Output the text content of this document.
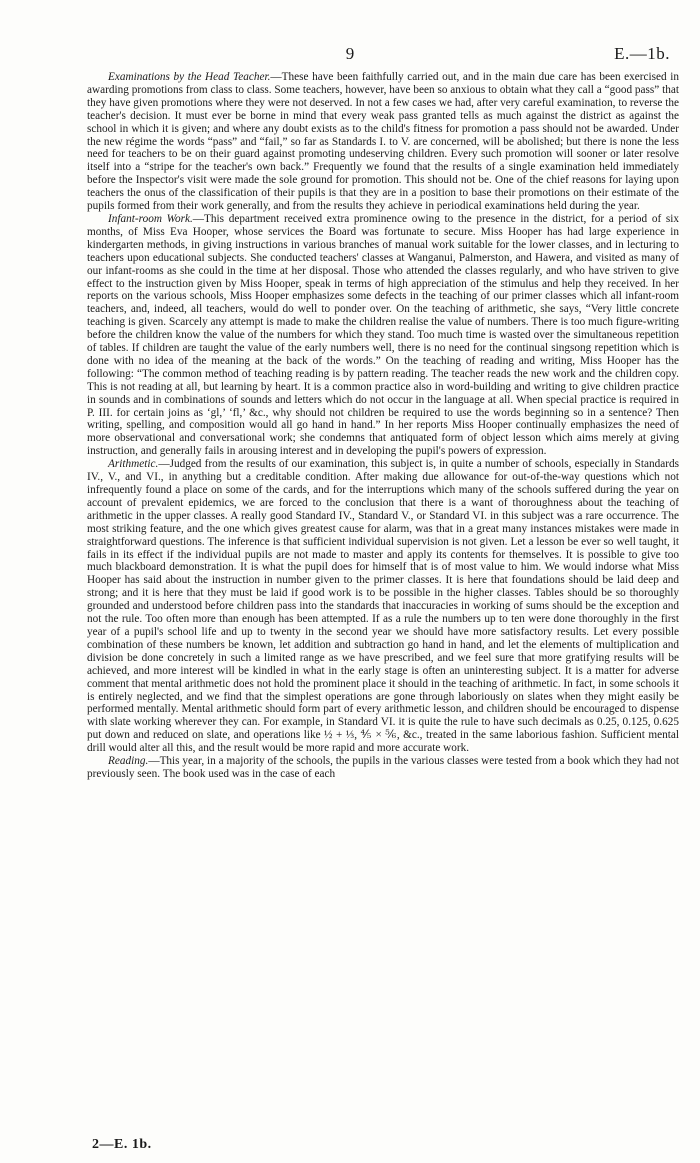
9	E.—1b.

Examinations by the Head Teacher.—These have been faithfully carried out, and in the main due care has been exercised in awarding promotions from class to class. Some teachers, however, have been so anxious to obtain what they call a “good pass” that they have given promotions where they were not deserved. In not a few cases we had, after very careful examination, to reverse the teacher's decision. It must ever be borne in mind that every weak pass granted tells as much against the district as against the school in which it is given; and where any doubt exists as to the child's fitness for promotion a pass should not be awarded. Under the new régime the words “pass” and “fail,” so far as Standards I. to V. are concerned, will be abolished; but there is none the less need for teachers to be on their guard against promoting undeserving children. Every such promotion will sooner or later resolve itself into a “stripe for the teacher's own back.” Frequently we found that the results of a single examination held immediately before the Inspector's visit were made the sole ground for promotion. This should not be. One of the chief reasons for laying upon teachers the onus of the classification of their pupils is that they are in a position to base their promotions on their estimate of the pupils formed from their work generally, and from the results they achieve in periodical examinations held during the year.

Infant-room Work.—This department received extra prominence owing to the presence in the district, for a period of six months, of Miss Eva Hooper, whose services the Board was fortunate to secure. Miss Hooper has had large experience in kindergarten methods, in giving instructions in various branches of manual work suitable for the lower classes, and in lecturing to teachers upon educational subjects. She conducted teachers' classes at Wanganui, Palmerston, and Hawera, and visited as many of our infant-rooms as she could in the time at her disposal. Those who attended the classes regularly, and who have striven to give effect to the instruction given by Miss Hooper, speak in terms of high appreciation of the stimulus and help they received. In her reports on the various schools, Miss Hooper emphasizes some defects in the teaching of our primer classes which all infant-room teachers, and, indeed, all teachers, would do well to ponder over. On the teaching of arithmetic, she says, “Very little concrete teaching is given. Scarcely any attempt is made to make the children realise the value of numbers. There is too much figure-writing before the children know the value of the numbers for which they stand. Too much time is wasted over the simultaneous repetition of tables. If children are taught the value of the early numbers well, there is no need for the continual singsong repetition which is done with no idea of the meaning at the back of the words.” On the teaching of reading and writing, Miss Hooper has the following: “The common method of teaching reading is by pattern reading. The teacher reads the new work and the children copy. This is not reading at all, but learning by heart. It is a common practice also in word-building and writing to give children practice in sounds and in combinations of sounds and letters which do not occur in the language at all. When special practice is required in P. III. for certain joins as ‘gl,’ ‘fl,’ &c., why should not children be required to use the words beginning so in a sentence? Then writing, spelling, and composition would all go hand in hand.” In her reports Miss Hooper continually emphasizes the need of more observational and conversational work; she condemns that antiquated form of object lesson which aims merely at giving instruction, and generally fails in arousing interest and in developing the pupil's powers of expression.

Arithmetic.—Judged from the results of our examination, this subject is, in quite a number of schools, especially in Standards IV., V., and VI., in anything but a creditable condition. After making due allowance for out-of-the-way questions which not infrequently found a place on some of the cards, and for the interruptions which many of the schools suffered during the year on account of prevalent epidemics, we are forced to the conclusion that there is a want of thoroughness about the teaching of arithmetic in the upper classes. A really good Standard IV., Standard V., or Standard VI. in this subject was a rare occurrence. The most striking feature, and the one which gives greatest cause for alarm, was that in a great many instances mistakes were made in straightforward questions. The inference is that sufficient individual supervision is not given. Let a lesson be ever so well taught, it fails in its effect if the individual pupils are not made to master and apply its contents for themselves. It is possible to give too much blackboard demonstration. It is what the pupil does for himself that is of most value to him. We would indorse what Miss Hooper has said about the instruction in number given to the primer classes. It is here that foundations should be laid deep and strong; and it is here that they must be laid if good work is to be possible in the higher classes. Tables should be so thoroughly grounded and understood before children pass into the standards that inaccuracies in working of sums should be the exception and not the rule. Too often more than enough has been attempted. If as a rule the numbers up to ten were done thoroughly in the first year of a pupil's school life and up to twenty in the second year we should have more satisfactory results. Let every possible combination of these numbers be known, let addition and subtraction go hand in hand, and let the elements of multiplication and division be done concretely in such a limited range as we have prescribed, and we feel sure that more gratifying results will be achieved, and more interest will be kindled in what in the early stage is often an uninteresting subject. It is a matter for adverse comment that mental arithmetic does not hold the prominent place it should in the teaching of arithmetic. In fact, in some schools it is entirely neglected, and we find that the simplest operations are gone through laboriously on slates when they might easily be performed mentally. Mental arithmetic should form part of every arithmetic lesson, and children should be encouraged to dispense with slate working wherever they can. For example, in Standard VI. it is quite the rule to have such decimals as 0.25, 0.125, 0.625 put down and reduced on slate, and operations like ½ + ⅓, ⅘ × ⅚, &c., treated in the same laborious fashion. Sufficient mental drill would alter all this, and the result would be more rapid and more accurate work.

Reading.—This year, in a majority of the schools, the pupils in the various classes were tested from a book which they had not previously seen. The book used was in the case of each

2—E. 1b.
